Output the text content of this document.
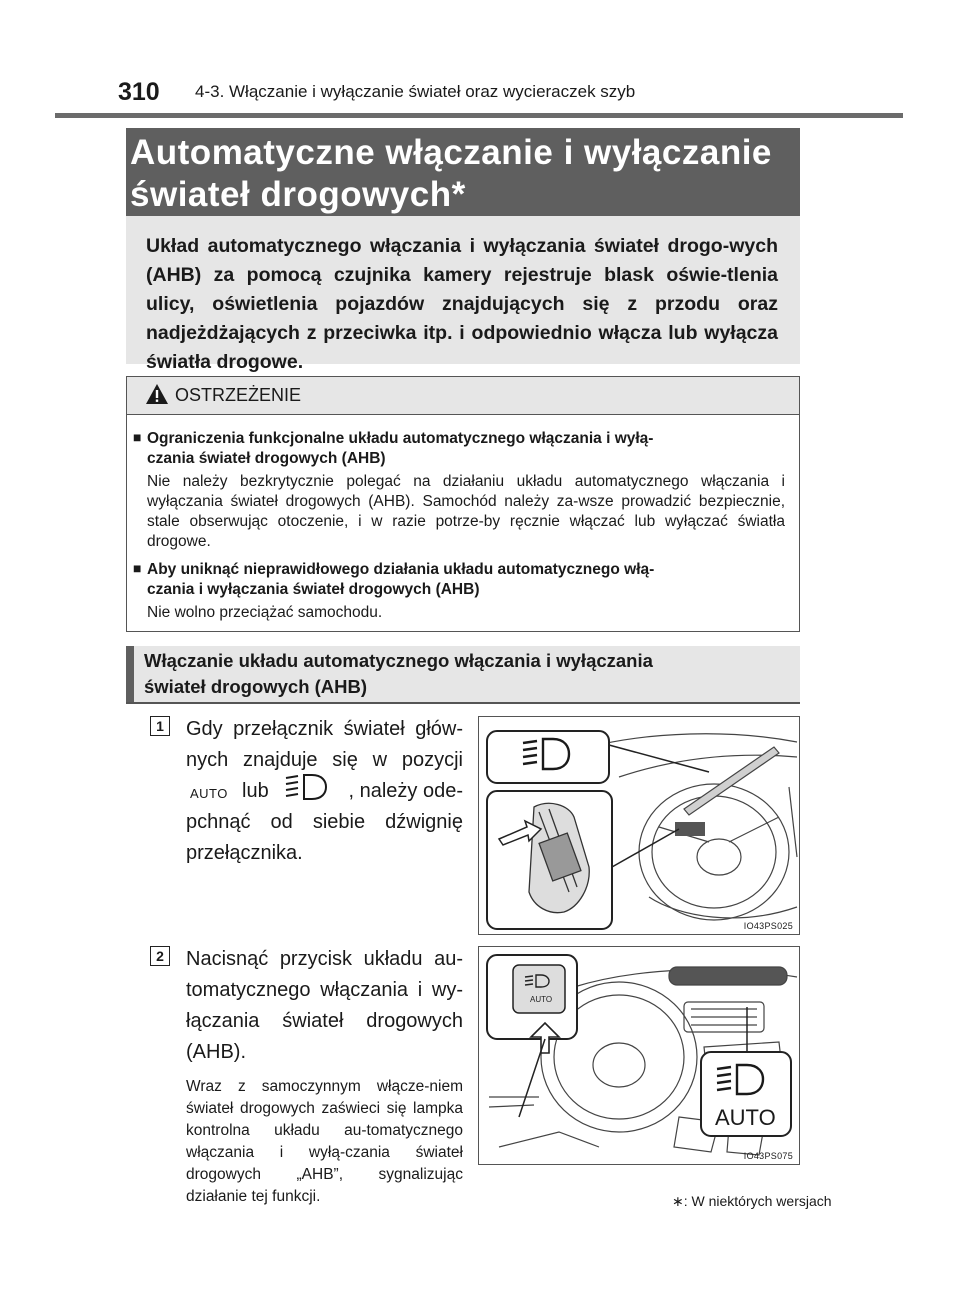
310 4-3. Włączanie i wyłączanie świateł oraz wycieraczek szyb
Automatyczne włączanie i wyłączanie
świateł drogowych*
Układ automatycznego włączania i wyłączania świateł drogo-wych (AHB) za pomocą czujnika kamery rejestruje blask oświe-tlenia ulicy, oświetlenia pojazdów znajdujących się z przodu oraz nadjeżdżających z przeciwka itp. i odpowiednio włącza lub wyłącza światła drogowe.
OSTRZEŻENIE
■ Ograniczenia funkcjonalne układu automatycznego włączania i wyłą-
czania świateł drogowych (AHB)
Nie należy bezkrytycznie polegać na działaniu układu automatycznego włączania i wyłączania świateł drogowych (AHB). Samochód należy za-wsze prowadzić bezpiecznie, stale obserwując otoczenie, i w razie potrze-by ręcznie włączać lub wyłączać światła drogowe.
■ Aby uniknąć nieprawidłowego działania układu automatycznego włą-
czania i wyłączania świateł drogowych (AHB)
Nie wolno przeciążać samochodu.
Włączanie układu automatycznego włączania i wyłączania
świateł drogowych (AHB)
1	Gdy przełącznik świateł głów-
nych znajduje się w pozycji
AUTO lub	, należy ode-
pchnąć od siebie dźwignię
przełącznika.
IO43PS025
2	Nacisnąć przycisk układu au-
tomatycznego włączania i wy-
łączania świateł drogowych
(AHB).
Wraz z samoczynnym włącze-niem świateł drogowych zaświeci się lampka kontrolna układu au-tomatycznego włączania i wyłą-czania świateł drogowych „AHB”, sygnalizując działanie tej funkcji.
AUTO
AUTO
IO43PS075
∗: W niektórych wersjach
